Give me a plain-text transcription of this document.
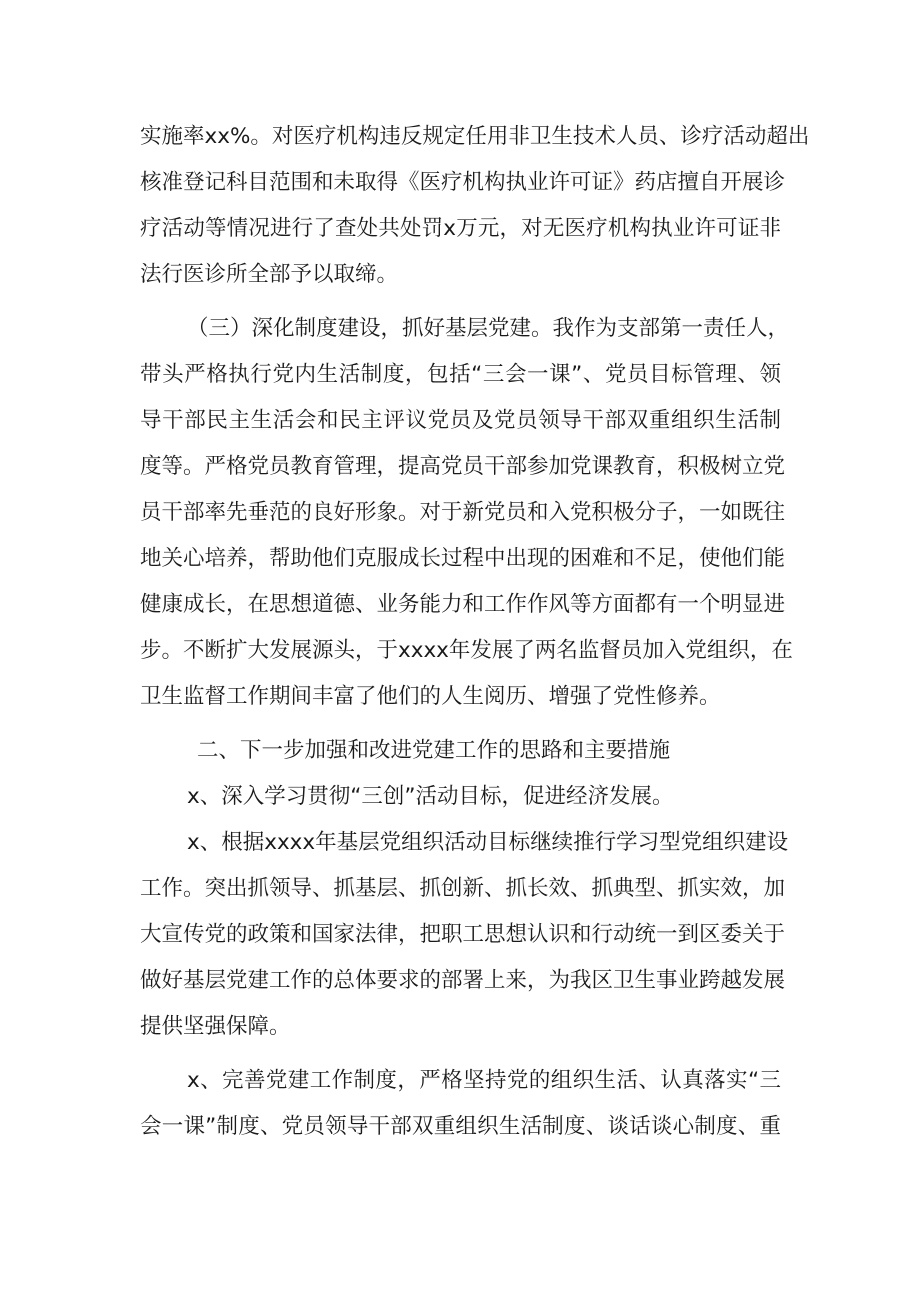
实施率xx%。对医疗机构违反规定任用非卫生技术人员、诊疗活动超出
核准登记科目范围和未取得《医疗机构执业许可证》药店擅自开展诊
疗活动等情况进行了查处共处罚x万元，对无医疗机构执业许可证非
法行医诊所全部予以取缔。
（三）深化制度建设，抓好基层党建。我作为支部第一责任人，
带头严格执行党内生活制度，包括“三会一课”、党员目标管理、领
导干部民主生活会和民主评议党员及党员领导干部双重组织生活制
度等。严格党员教育管理，提高党员干部参加党课教育，积极树立党
员干部率先垂范的良好形象。对于新党员和入党积极分子，一如既往
地关心培养，帮助他们克服成长过程中出现的困难和不足，使他们能
健康成长，在思想道德、业务能力和工作作风等方面都有一个明显进
步。不断扩大发展源头，于xxxx年发展了两名监督员加入党组织，在
卫生监督工作期间丰富了他们的人生阅历、增强了党性修养。
二、下一步加强和改进党建工作的思路和主要措施
x、深入学习贯彻“三创”活动目标，促进经济发展。
x、根据xxxx年基层党组织活动目标继续推行学习型党组织建设
工作。突出抓领导、抓基层、抓创新、抓长效、抓典型、抓实效，加
大宣传党的政策和国家法律，把职工思想认识和行动统一到区委关于
做好基层党建工作的总体要求的部署上来，为我区卫生事业跨越发展
提供坚强保障。
x、完善党建工作制度，严格坚持党的组织生活、认真落实“三
会一课”制度、党员领导干部双重组织生活制度、谈话谈心制度、重
